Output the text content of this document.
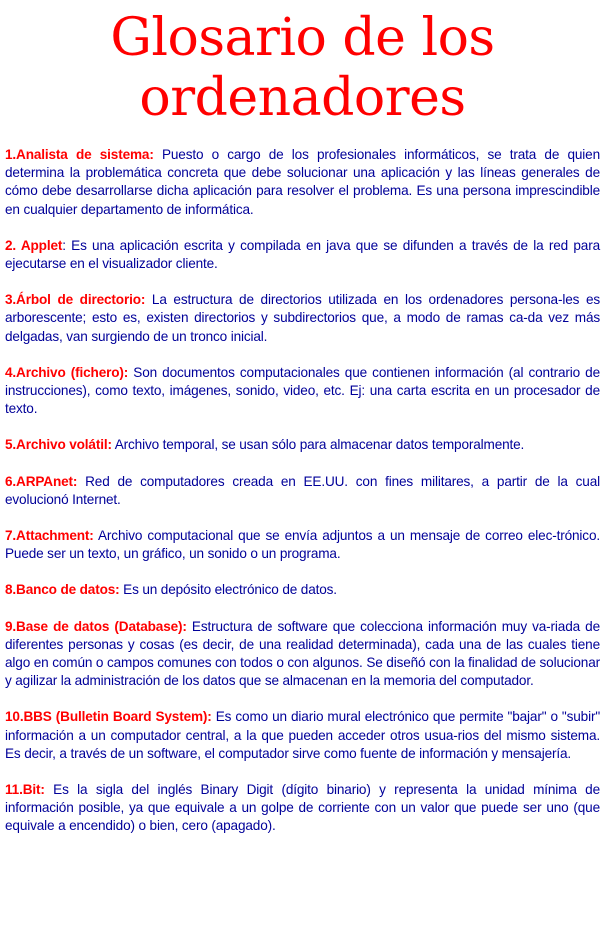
Glosario de los
ordenadores

1.Analista de sistema: Puesto o cargo de los profesionales informáticos, se trata de quien determina la problemática concreta que debe solucionar una aplicación y las líneas generales de cómo debe desarrollarse dicha aplicación para resolver el problema. Es una persona imprescindible en cualquier departamento de informática.

2. Applet: Es una aplicación escrita y compilada en java que se difunden a través de la red para ejecutarse en el visualizador cliente.

3.Árbol de directorio: La estructura de directorios utilizada en los ordenadores persona-les es arborescente; esto es, existen directorios y subdirectorios que, a modo de ramas ca-da vez más delgadas, van surgiendo de un tronco inicial.

4.Archivo (fichero): Son documentos computacionales que contienen información (al contrario de instrucciones), como texto, imágenes, sonido, video, etc. Ej: una carta escrita en un procesador de texto.

5.Archivo volátil: Archivo temporal, se usan sólo para almacenar datos temporalmente.

6.ARPAnet: Red de computadores creada en EE.UU. con fines militares, a partir de la cual evolucionó Internet.

7.Attachment: Archivo computacional que se envía adjuntos a un mensaje de correo elec-trónico. Puede ser un texto, un gráfico, un sonido o un programa.

8.Banco de datos: Es un depósito electrónico de datos.

9.Base de datos (Database): Estructura de software que colecciona información muy va-riada de diferentes personas y cosas (es decir, de una realidad determinada), cada una de las cuales tiene algo en común o campos comunes con todos o con algunos. Se diseñó con la finalidad de solucionar y agilizar la administración de los datos que se almacenan en la memoria del computador.

10.BBS (Bulletin Board System): Es como un diario mural electrónico que permite "bajar" o "subir" información a un computador central, a la que pueden acceder otros usua-rios del mismo sistema. Es decir, a través de un software, el computador sirve como fuente de información y mensajería.

11.Bit: Es la sigla del inglés Binary Digit (dígito binario) y representa la unidad mínima de información posible, ya que equivale a un golpe de corriente con un valor que puede ser uno (que equivale a encendido) o bien, cero (apagado).
